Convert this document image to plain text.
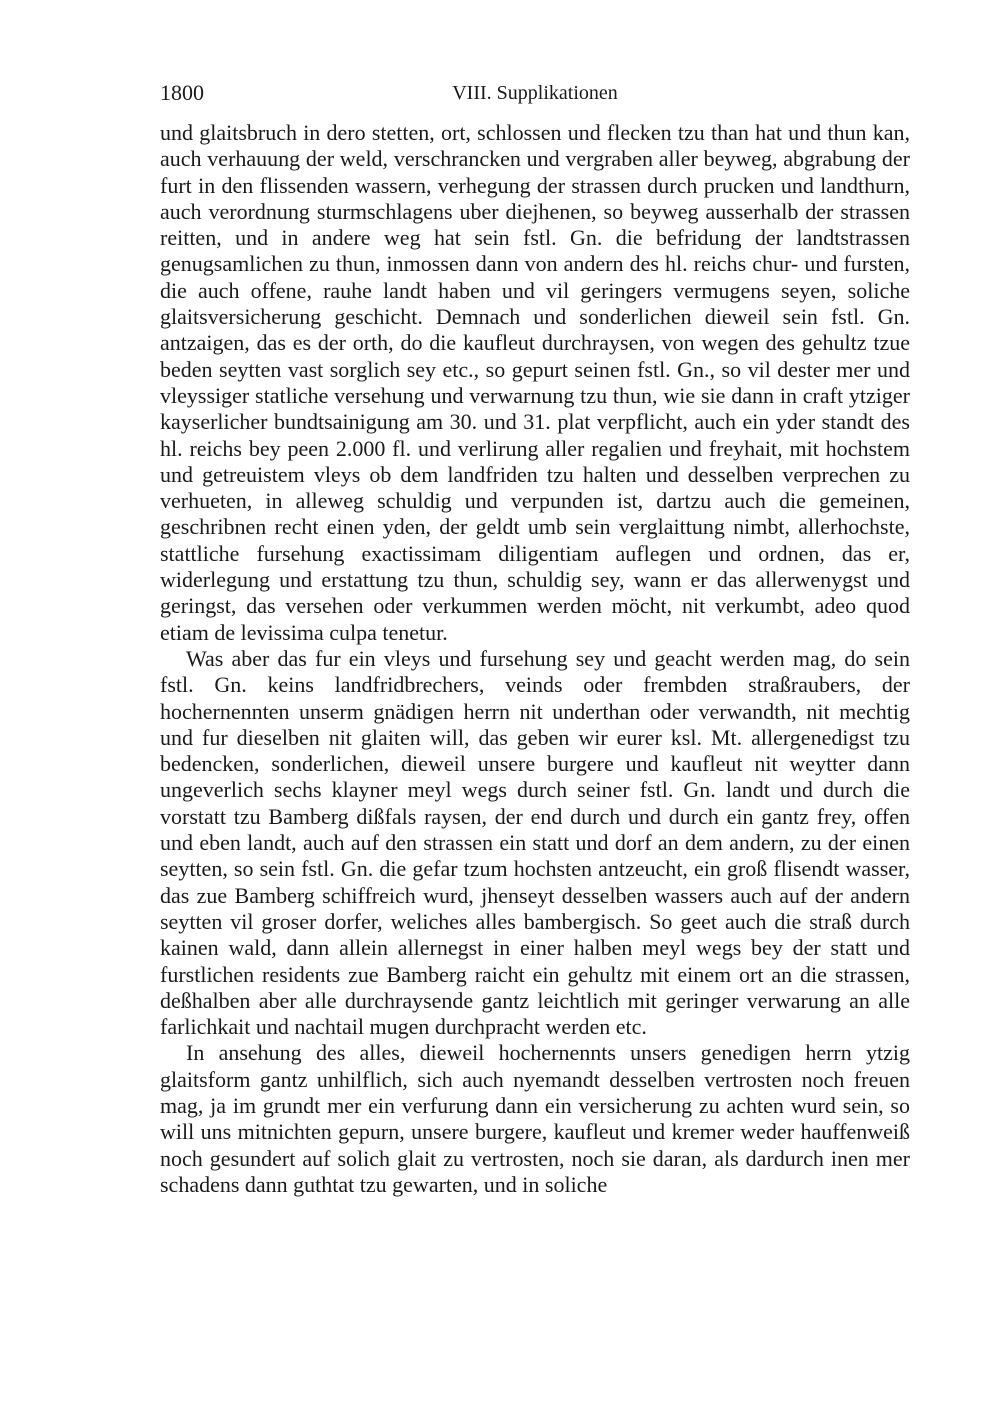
1800	VIII. Supplikationen

und glaitsbruch in dero stetten, ort, schlossen und flecken tzu than hat und thun kan, auch verhauung der weld, verschrancken und vergraben aller beyweg, abgrabung der furt in den flissenden wassern, verhegung der strassen durch prucken und landthurn, auch verordnung sturmschlagens uber diejhenen, so beyweg ausserhalb der strassen reitten, und in andere weg hat sein fstl. Gn. die befridung der landtstrassen genugsamlichen zu thun, inmossen dann von andern des hl. reichs chur- und fursten, die auch offene, rauhe landt haben und vil geringers vermugens seyen, soliche glaitsversicherung geschicht. Demnach und sonderlichen dieweil sein fstl. Gn. antzaigen, das es der orth, do die kaufleut durchraysen, von wegen des gehultz tzue beden seytten vast sorglich sey etc., so gepurt seinen fstl. Gn., so vil dester mer und vleyssiger statliche versehung und verwarnung tzu thun, wie sie dann in craft ytziger kayserlicher bundtsainigung am 30. und 31. plat verpflicht, auch ein yder standt des hl. reichs bey peen 2.000 fl. und verlirung aller regalien und freyhait, mit hochstem und getreuistem vleys ob dem landfriden tzu halten und desselben verprechen zu verhueten, in alleweg schuldig und verpunden ist, dartzu auch die gemeinen, geschribnen recht einen yden, der geldt umb sein verglaittung nimbt, allerhochste, stattliche fursehung exactissimam diligentiam auflegen und ordnen, das er, widerlegung und erstattung tzu thun, schuldig sey, wann er das allerwenygst und geringst, das versehen oder verkummen werden möcht, nit verkumbt, adeo quod etiam de levissima culpa tenetur.

Was aber das fur ein vleys und fursehung sey und geacht werden mag, do sein fstl. Gn. keins landfridbrechers, veinds oder frembden straßraubers, der hochernennten unserm gnädigen herrn nit underthan oder verwandth, nit mechtig und fur dieselben nit glaiten will, das geben wir eurer ksl. Mt. allergenedigst tzu bedencken, sonderlichen, dieweil unsere burgere und kaufleut nit weytter dann ungeverlich sechs klayner meyl wegs durch seiner fstl. Gn. landt und durch die vorstatt tzu Bamberg dißfals raysen, der end durch und durch ein gantz frey, offen und eben landt, auch auf den strassen ein statt und dorf an dem andern, zu der einen seytten, so sein fstl. Gn. die gefar tzum hochsten antzeucht, ein groß flisendt wasser, das zue Bamberg schiffreich wurd, jhenseyt desselben wassers auch auf der andern seytten vil groser dorfer, weliches alles bambergisch. So geet auch die straß durch kainen wald, dann allein allernegst in einer halben meyl wegs bey der statt und furstlichen residents zue Bamberg raicht ein gehultz mit einem ort an die strassen, deßhalben aber alle durchraysende gantz leichtlich mit geringer verwarung an alle farlichkait und nachtail mugen durchpracht werden etc.

In ansehung des alles, dieweil hochernennts unsers genedigen herrn ytzig glaitsform gantz unhilflich, sich auch nyemandt desselben vertrosten noch freuen mag, ja im grundt mer ein verfurung dann ein versicherung zu achten wurd sein, so will uns mitnichten gepurn, unsere burgere, kaufleut und kremer weder hauffenweiß noch gesundert auf solich glait zu vertrosten, noch sie daran, als dardurch inen mer schadens dann guthtat tzu gewarten, und in soliche
